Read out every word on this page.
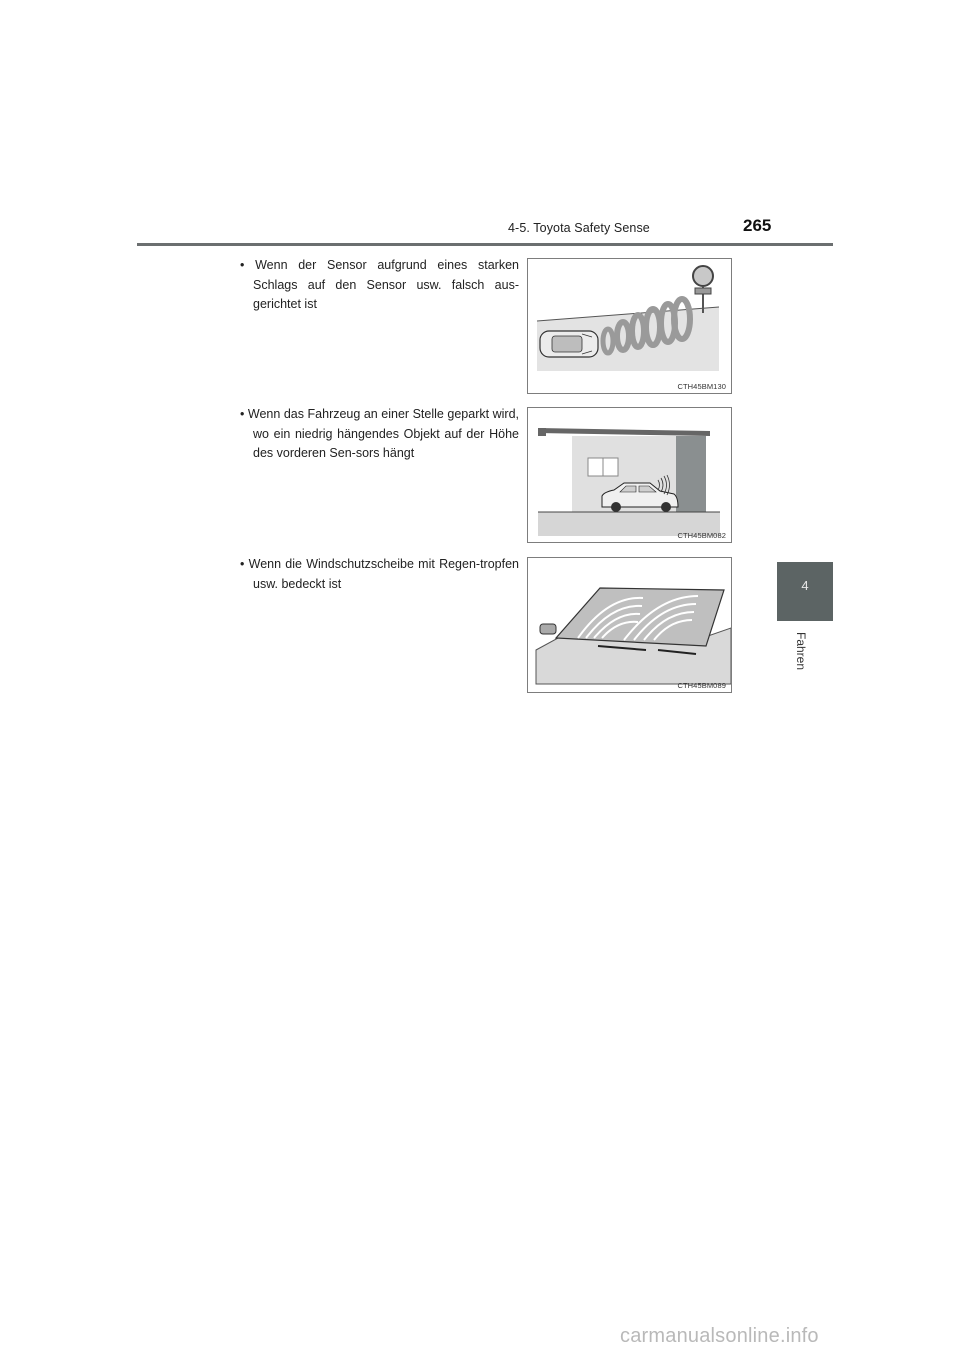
4-5. Toyota Safety Sense	265
4
Fahren
• Wenn der Sensor aufgrund eines starken Schlags auf den Sensor usw. falsch aus-gerichtet ist
CTH45BM130
• Wenn das Fahrzeug an einer Stelle geparkt wird, wo ein niedrig hängendes Objekt auf der Höhe des vorderen Sen-sors hängt
CTH45BM082
• Wenn die Windschutzscheibe mit Regen-tropfen usw. bedeckt ist
CTH45BM089
carmanualsonline.info
